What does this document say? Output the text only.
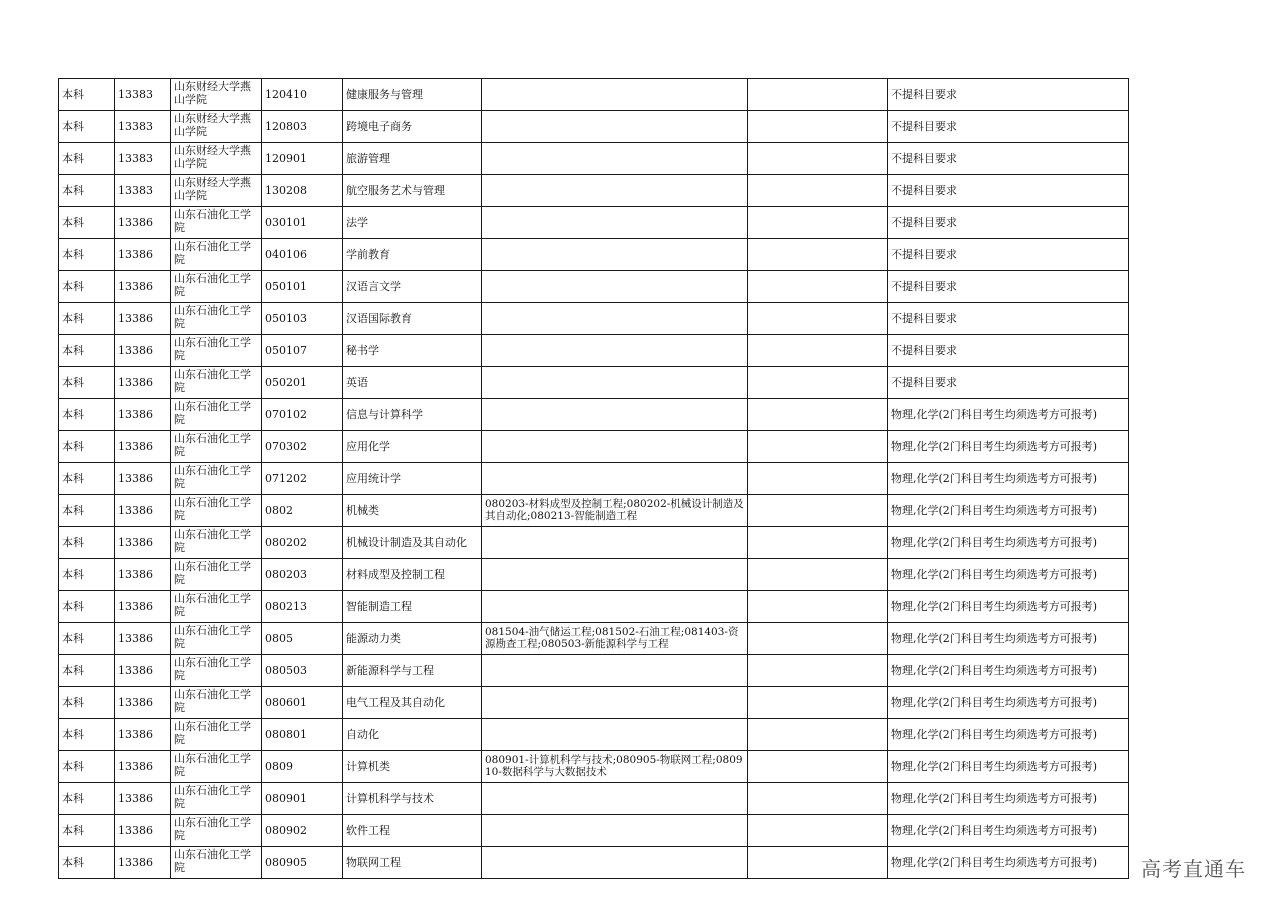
本科	13383	山东财经大学燕山学院	120410	健康服务与管理			不提科目要求
本科	13383	山东财经大学燕山学院	120803	跨境电子商务			不提科目要求
本科	13383	山东财经大学燕山学院	120901	旅游管理			不提科目要求
本科	13383	山东财经大学燕山学院	130208	航空服务艺术与管理			不提科目要求
本科	13386	山东石油化工学院	030101	法学			不提科目要求
本科	13386	山东石油化工学院	040106	学前教育			不提科目要求
本科	13386	山东石油化工学院	050101	汉语言文学			不提科目要求
本科	13386	山东石油化工学院	050103	汉语国际教育			不提科目要求
本科	13386	山东石油化工学院	050107	秘书学			不提科目要求
本科	13386	山东石油化工学院	050201	英语			不提科目要求
本科	13386	山东石油化工学院	070102	信息与计算科学			物理,化学(2门科目考生均须选考方可报考)
本科	13386	山东石油化工学院	070302	应用化学			物理,化学(2门科目考生均须选考方可报考)
本科	13386	山东石油化工学院	071202	应用统计学			物理,化学(2门科目考生均须选考方可报考)
本科	13386	山东石油化工学院	0802	机械类	080203-材料成型及控制工程;080202-机械设计制造及其自动化;080213-智能制造工程		物理,化学(2门科目考生均须选考方可报考)
本科	13386	山东石油化工学院	080202	机械设计制造及其自动化			物理,化学(2门科目考生均须选考方可报考)
本科	13386	山东石油化工学院	080203	材料成型及控制工程			物理,化学(2门科目考生均须选考方可报考)
本科	13386	山东石油化工学院	080213	智能制造工程			物理,化学(2门科目考生均须选考方可报考)
本科	13386	山东石油化工学院	0805	能源动力类	081504-油气储运工程;081502-石油工程;081403-资源勘查工程;080503-新能源科学与工程		物理,化学(2门科目考生均须选考方可报考)
本科	13386	山东石油化工学院	080503	新能源科学与工程			物理,化学(2门科目考生均须选考方可报考)
本科	13386	山东石油化工学院	080601	电气工程及其自动化			物理,化学(2门科目考生均须选考方可报考)
本科	13386	山东石油化工学院	080801	自动化			物理,化学(2门科目考生均须选考方可报考)
本科	13386	山东石油化工学院	0809	计算机类	080901-计算机科学与技术;080905-物联网工程;080910-数据科学与大数据技术		物理,化学(2门科目考生均须选考方可报考)
本科	13386	山东石油化工学院	080901	计算机科学与技术			物理,化学(2门科目考生均须选考方可报考)
本科	13386	山东石油化工学院	080902	软件工程			物理,化学(2门科目考生均须选考方可报考)
本科	13386	山东石油化工学院	080905	物联网工程			物理,化学(2门科目考生均须选考方可报考) 高考直通车
